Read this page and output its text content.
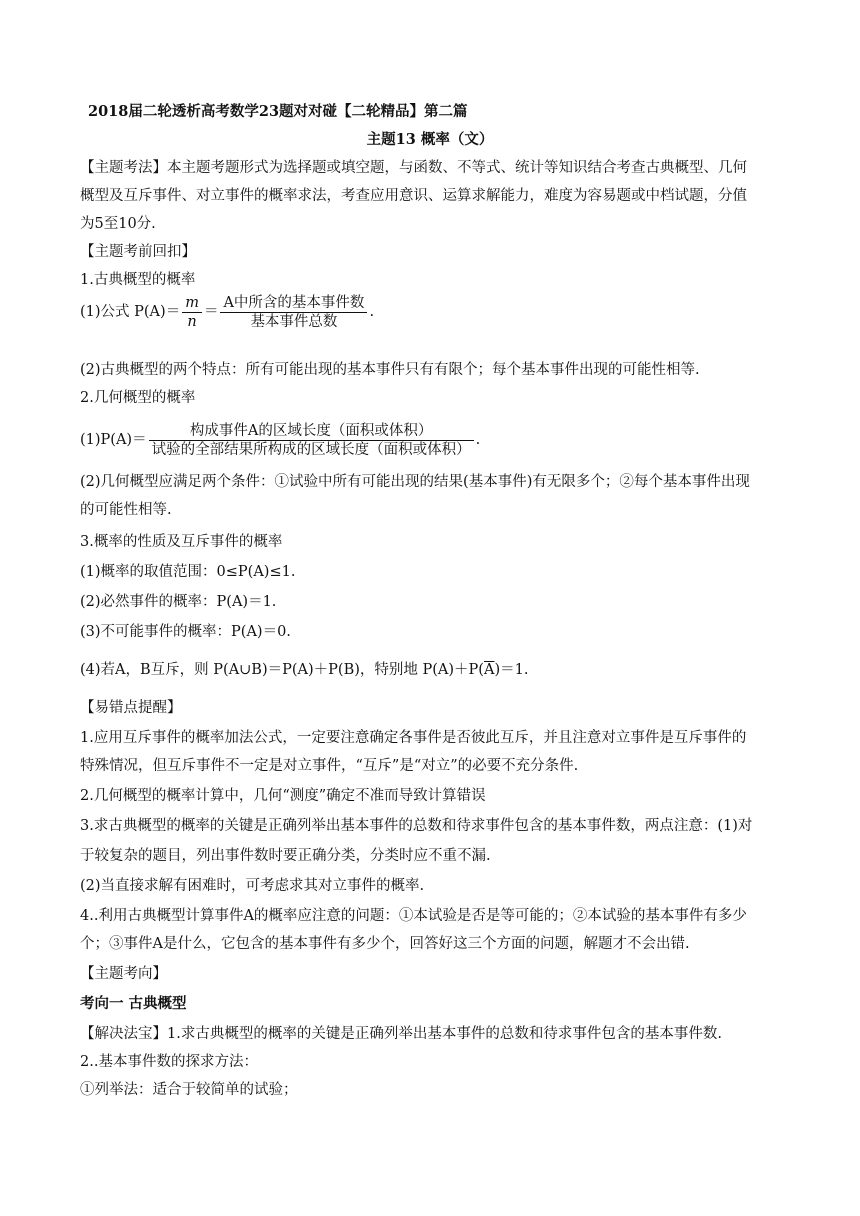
2018届二轮透析高考数学23题对对碰【二轮精品】第二篇
主题13 概率（文）
【主题考法】本主题考题形式为选择题或填空题，与函数、不等式、统计等知识结合考查古典概型、几何
概型及互斥事件、对立事件的概率求法，考查应用意识、运算求解能力，难度为容易题或中档试题，分值
为5至10分.
【主题考前回扣】
1.古典概型的概率
(1)公式 $P(A)= \frac{m}{n} = \frac{\text{A中所含的基本事件数}}{\text{基本事件总数}}$ .
(2)古典概型的两个特点：所有可能出现的基本事件只有有限个；每个基本事件出现的可能性相等.
2.几何概型的概率
$(1)P(A)= \frac{\text{构成事件A的区域长度（面积或体积）}}{\text{试验的全部结果所构成的区域长度（面积或体积）}}$ .
(2)几何概型应满足两个条件：①试验中所有可能出现的结果(基本事件)有无限多个；②每个基本事件出现
的可能性相等.
3.概率的性质及互斥事件的概率
(1)概率的取值范围：0≤P(A)≤1.
(2)必然事件的概率：P(A)＝1.
(3)不可能事件的概率：P(A)＝0.
(4)若A，B互斥，则 P(A∪B)＝P(A)＋P(B)，特别地 $P(A)+P(\overline{A})=1$.
【易错点提醒】
1.应用互斥事件的概率加法公式，一定要注意确定各事件是否彼此互斥，并且注意对立事件是互斥事件的
特殊情况，但互斥事件不一定是对立事件，“互斥”是“对立”的必要不充分条件.
2.几何概型的概率计算中，几何“测度”确定不准而导致计算错误
3.求古典概型的概率的关键是正确列举出基本事件的总数和待求事件包含的基本事件数，两点注意：(1)对
于较复杂的题目，列出事件数时要正确分类，分类时应不重不漏.
(2)当直接求解有困难时，可考虑求其对立事件的概率.
4..利用古典概型计算事件A的概率应注意的问题：①本试验是否是等可能的；②本试验的基本事件有多少
个；③事件A是什么，它包含的基本事件有多少个，回答好这三个方面的问题，解题才不会出错.
【主题考向】
考向一 古典概型
【解决法宝】1.求古典概型的概率的关键是正确列举出基本事件的总数和待求事件包含的基本事件数.
2..基本事件数的探求方法：
①列举法：适合于较简单的试验；
